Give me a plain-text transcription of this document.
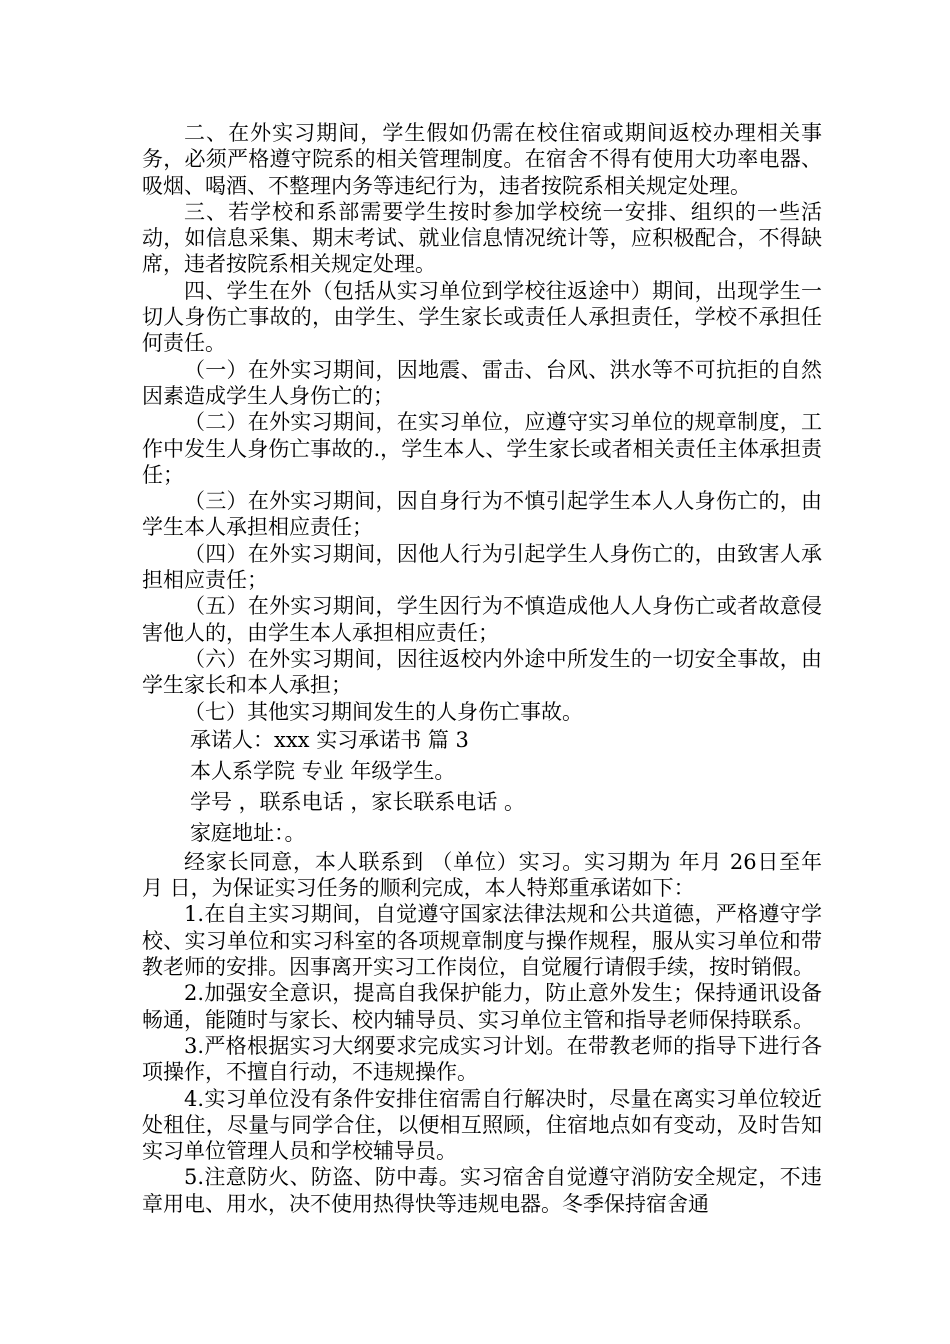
二、在外实习期间，学生假如仍需在校住宿或期间返校办理相关事务，必须严格遵守院系的相关管理制度。在宿舍不得有使用大功率电器、吸烟、喝酒、不整理内务等违纪行为，违者按院系相关规定处理。

三、若学校和系部需要学生按时参加学校统一安排、组织的一些活动，如信息采集、期末考试、就业信息情况统计等，应积极配合，不得缺席，违者按院系相关规定处理。

四、学生在外（包括从实习单位到学校往返途中）期间，出现学生一切人身伤亡事故的，由学生、学生家长或责任人承担责任，学校不承担任何责任。

（一）在外实习期间，因地震、雷击、台风、洪水等不可抗拒的自然因素造成学生人身伤亡的；

（二）在外实习期间，在实习单位，应遵守实习单位的规章制度，工作中发生人身伤亡事故的.，学生本人、学生家长或者相关责任主体承担责任；

（三）在外实习期间，因自身行为不慎引起学生本人人身伤亡的，由学生本人承担相应责任；

（四）在外实习期间，因他人行为引起学生人身伤亡的，由致害人承担相应责任；

（五）在外实习期间，学生因行为不慎造成他人人身伤亡或者故意侵害他人的，由学生本人承担相应责任；

（六）在外实习期间，因往返校内外途中所发生的一切安全事故，由学生家长和本人承担；

（七）其他实习期间发生的人身伤亡事故。

承诺人：xxx 实习承诺书 篇 3

本人系学院 专业 年级学生。

学号 ，联系电话 ，家长联系电话 。

家庭地址：。

经家长同意，本人联系到 （单位）实习。实习期为 年月 26日至年 月 日，为保证实习任务的顺利完成，本人特郑重承诺如下：

1.在自主实习期间，自觉遵守国家法律法规和公共道德，严格遵守学校、实习单位和实习科室的各项规章制度与操作规程，服从实习单位和带教老师的安排。因事离开实习工作岗位，自觉履行请假手续，按时销假。

2.加强安全意识，提高自我保护能力，防止意外发生；保持通讯设备畅通，能随时与家长、校内辅导员、实习单位主管和指导老师保持联系。

3.严格根据实习大纲要求完成实习计划。在带教老师的指导下进行各项操作，不擅自行动，不违规操作。

4.实习单位没有条件安排住宿需自行解决时，尽量在离实习单位较近处租住，尽量与同学合住，以便相互照顾，住宿地点如有变动，及时告知实习单位管理人员和学校辅导员。

5.注意防火、防盗、防中毒。实习宿舍自觉遵守消防安全规定，不违章用电、用水，决不使用热得快等违规电器。冬季保持宿舍通
